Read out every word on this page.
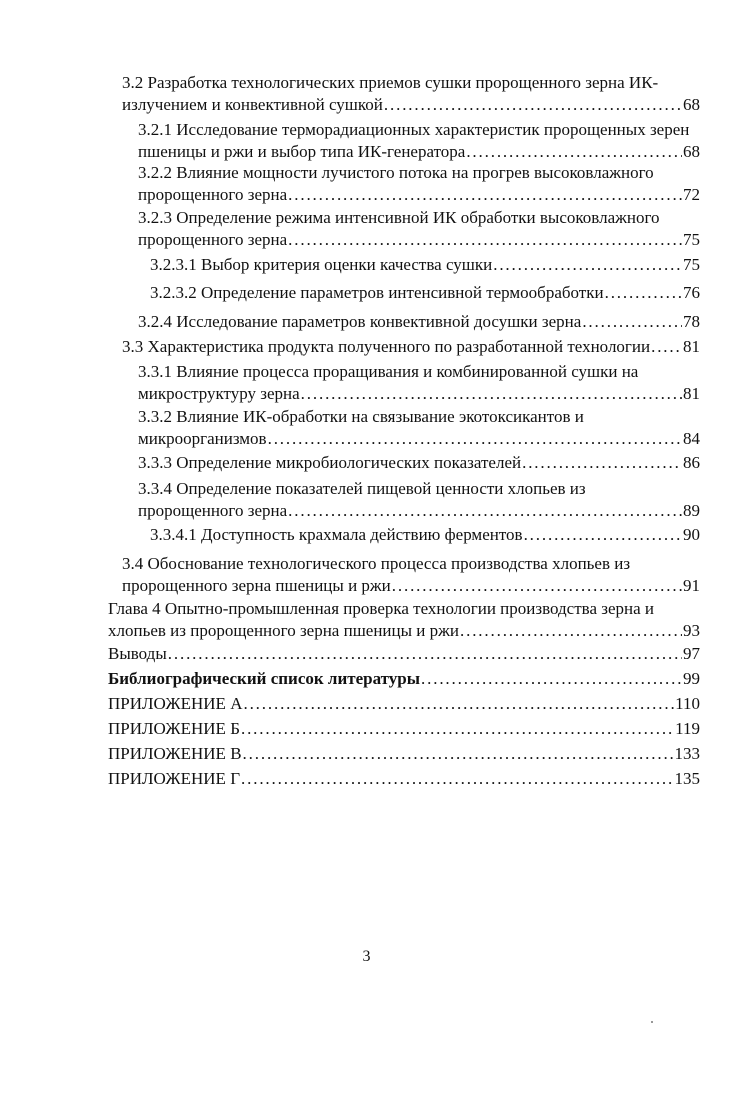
3.2 Разработка технологических приемов сушки пророщенного зерна ИК-
излучением и конвективной сушкой . . .	68
3.2.1 Исследование терморадиационных характеристик пророщенных зерен
пшеницы и ржи и выбор типа ИК-генератора . . .	68
3.2.2 Влияние мощности лучистого потока на прогрев высоковлажного
пророщенного зерна . . .	72
3.2.3 Определение режима интенсивной ИК обработки высоковлажного
пророщенного зерна . . .	75
3.2.3.1 Выбор критерия оценки качества сушки . . .	75
3.2.3.2 Определение параметров интенсивной термообработки . . .	76
3.2.4 Исследование параметров конвективной досушки зерна . . .	78
3.3 Характеристика продукта полученного по разработанной технологии . . . 81
3.3.1 Влияние процесса проращивания и комбинированной сушки на
микроструктуру зерна . . .	81
3.3.2 Влияние ИК-обработки на связывание экотоксикантов и
микроорганизмов . . .	84
3.3.3 Определение микробиологических показателей . . .	86
3.3.4 Определение показателей пищевой ценности хлопьев из
пророщенного зерна . . .	89
3.3.4.1 Доступность крахмала действию ферментов . . .	90
3.4 Обоснование технологического процесса производства хлопьев из
пророщенного зерна пшеницы и ржи . . .	91
Глава 4 Опытно-промышленная проверка технологии производства зерна и
хлопьев из пророщенного зерна пшеницы и ржи . . .	93
Выводы . . .	97
Библиографический список литературы . . .	99
ПРИЛОЖЕНИЕ А . . .	110
ПРИЛОЖЕНИЕ Б . . .	119
ПРИЛОЖЕНИЕ В . . .	133
ПРИЛОЖЕНИЕ Г . . .	135
3
